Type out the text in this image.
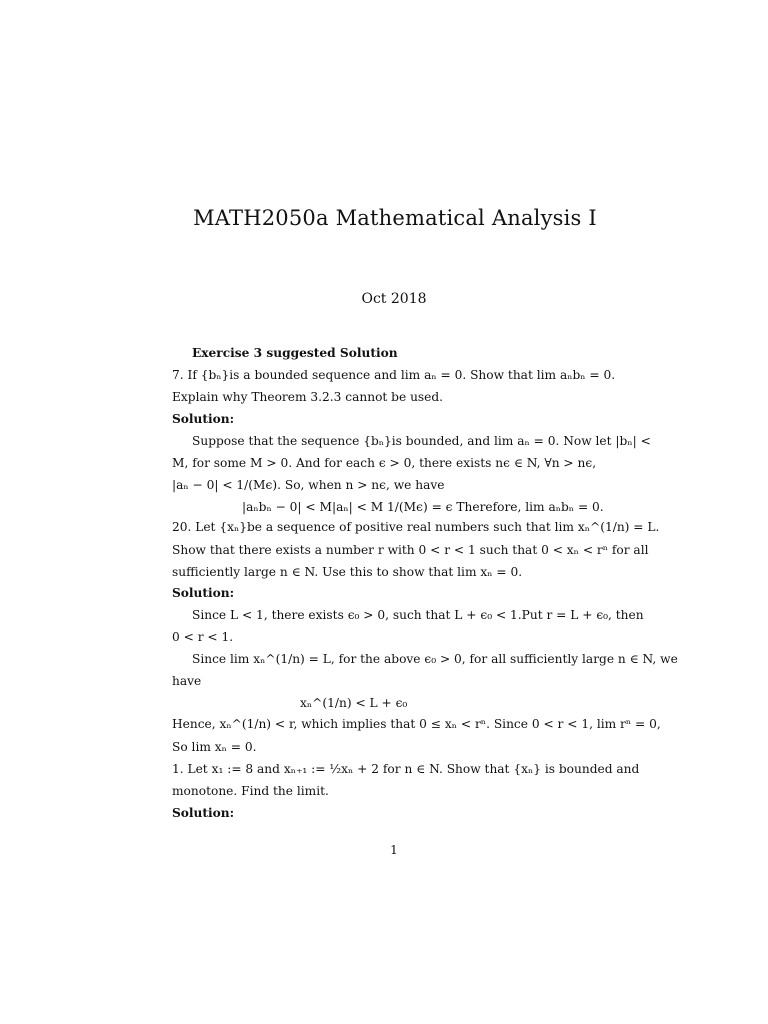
MATH2050a Mathematical Analysis I
Oct 2018
Exercise 3 suggested Solution
7. If {bₙ}is a bounded sequence and lim aₙ = 0. Show that lim aₙbₙ = 0.
Explain why Theorem 3.2.3 cannot be used.
Solution:
Suppose that the sequence {bₙ}is bounded, and lim aₙ = 0. Now let |bₙ| <
M, for some M > 0. And for each ϵ > 0, there exists nϵ ∈ N, ∀n > nϵ,
|aₙ − 0| < 1/(Mϵ). So, when n > nϵ, we have
|aₙbₙ − 0| < M|aₙ| < M 1/(Mϵ) = ϵ Therefore, lim aₙbₙ = 0.
20. Let {xₙ}be a sequence of positive real numbers such that lim xₙ^(1/n) = L.
Show that there exists a number r with 0 < r < 1 such that 0 < xₙ < rⁿ for all
sufficiently large n ∈ N. Use this to show that lim xₙ = 0.
Solution:
Since L < 1, there exists ϵ₀ > 0, such that L + ϵ₀ < 1.Put r = L + ϵ₀, then
0 < r < 1.
Since lim xₙ^(1/n) = L, for the above ϵ₀ > 0, for all sufficiently large n ∈ N, we
have
xₙ^(1/n) < L + ϵ₀
Hence, xₙ^(1/n) < r, which implies that 0 ≤ xₙ < rⁿ. Since 0 < r < 1, lim rⁿ = 0,
So lim xₙ = 0.
1. Let x₁ := 8 and xₙ₊₁ := ½xₙ + 2 for n ∈ N. Show that {xₙ} is bounded and
monotone. Find the limit.
Solution:
1
